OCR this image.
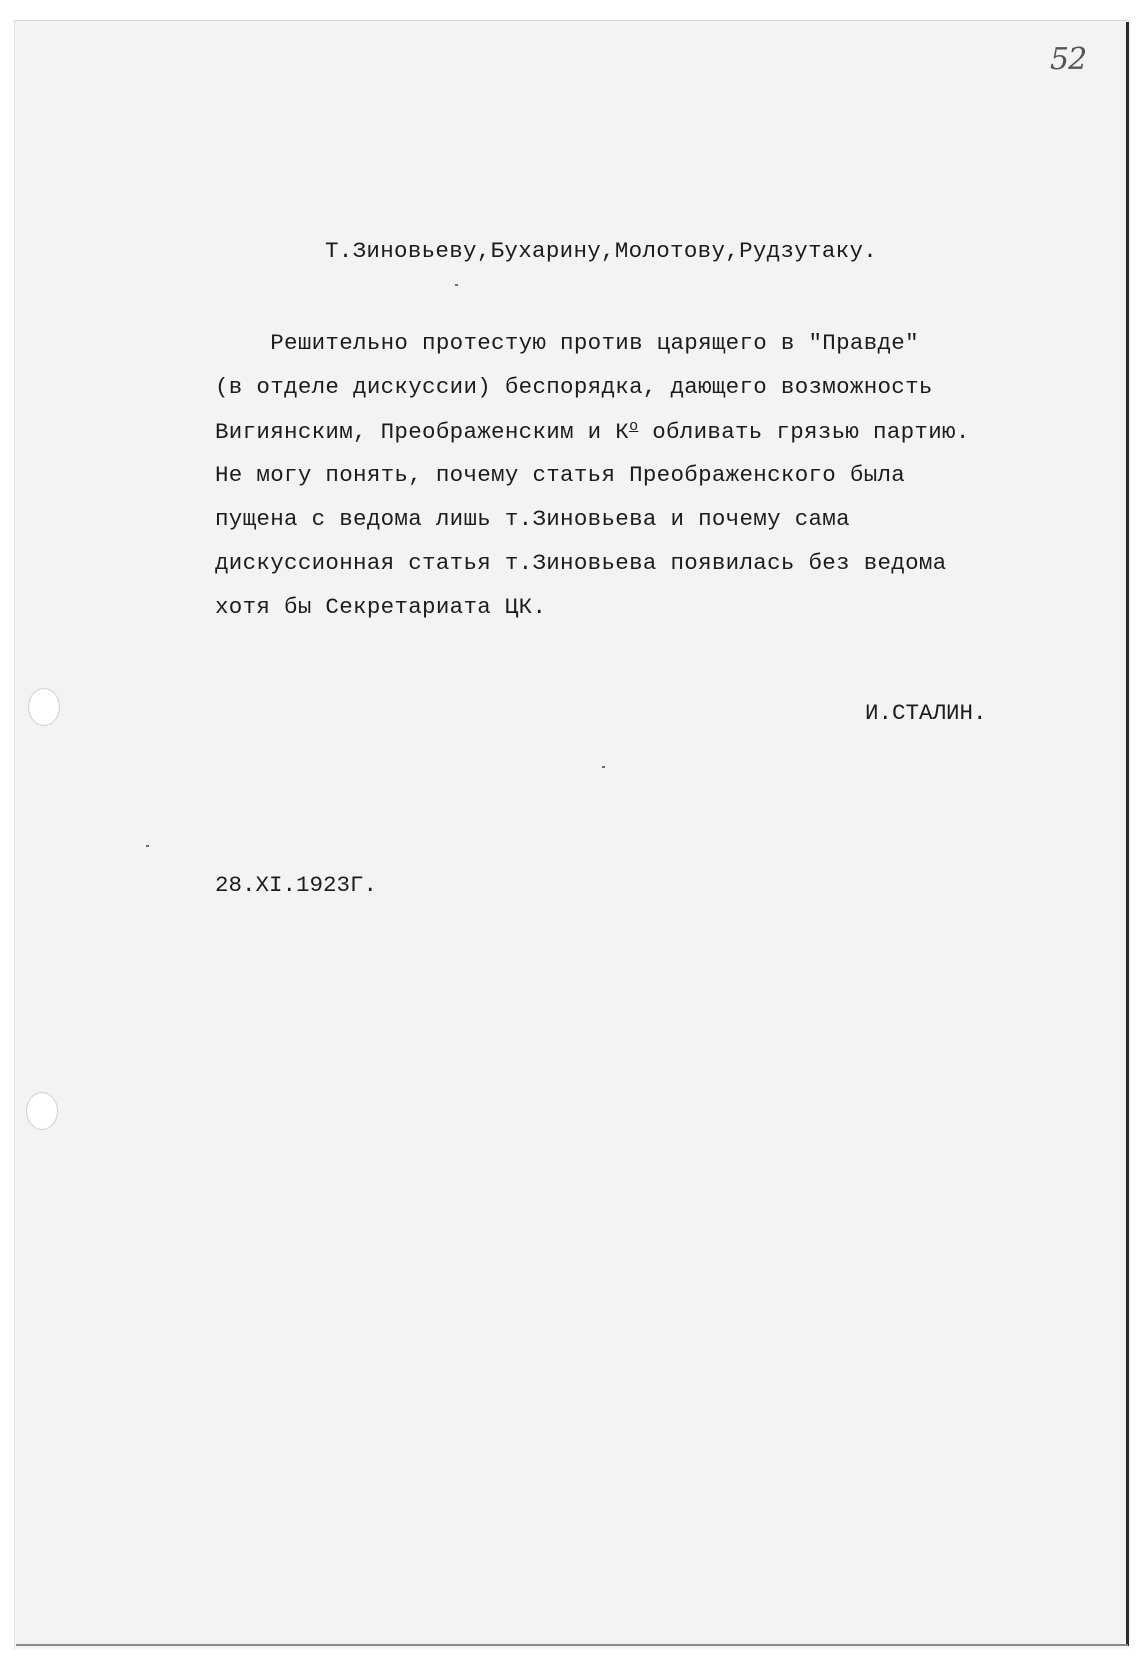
52
Т.Зиновьеву,Бухарину,Молотову,Рудзутаку.
Решительно протестую против царящего в "Правде"
(в отделе дискуссии) беспорядка, дающего возможность
Вигиянским, Преображенским и $К^о$ обливать грязью партию.
Не могу понять, почему статья Преображенского была
пущена с ведома лишь т.Зиновьева и почему сама
дискуссионная статья т.Зиновьева появилась без ведома
хотя бы Секретариата ЦК.
И.СТАЛИН.
28.XI.1923Г.
